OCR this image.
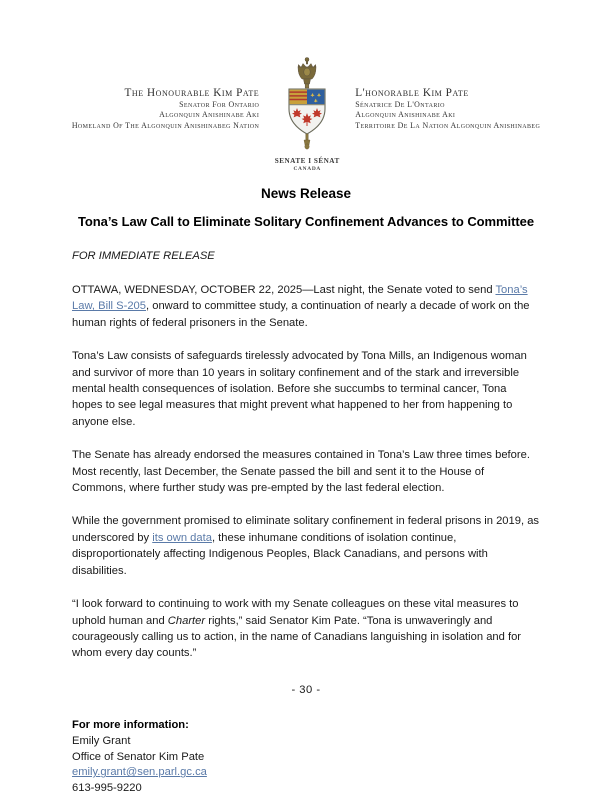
The Honourable Kim Pate
Senator For Ontario
Algonquin Anishinabe Aki
Homeland Of The Algonquin Anishinabeg Nation
SENATE I SÉNAT
CANADA
L'honorable Kim Pate
Sénatrice De L'Ontario
Algonquin Anishinabe Aki
Territoire De La Nation Algonquin Anishinabeg
News Release
Tona’s Law Call to Eliminate Solitary Confinement Advances to Committee
FOR IMMEDIATE RELEASE

OTTAWA, WEDNESDAY, OCTOBER 22, 2025—Last night, the Senate voted to send Tona’s Law, Bill S-205, onward to committee study, a continuation of nearly a decade of work on the human rights of federal prisoners in the Senate.

Tona’s Law consists of safeguards tirelessly advocated by Tona Mills, an Indigenous woman and survivor of more than 10 years in solitary confinement and of the stark and irreversible mental health consequences of isolation. Before she succumbs to terminal cancer, Tona hopes to see legal measures that might prevent what happened to her from happening to anyone else.

The Senate has already endorsed the measures contained in Tona’s Law three times before. Most recently, last December, the Senate passed the bill and sent it to the House of Commons, where further study was pre-empted by the last federal election.

While the government promised to eliminate solitary confinement in federal prisons in 2019, as underscored by its own data, these inhumane conditions of isolation continue, disproportionately affecting Indigenous Peoples, Black Canadians, and persons with disabilities.

“I look forward to continuing to work with my Senate colleagues on these vital measures to uphold human and Charter rights,” said Senator Kim Pate. “Tona is unwaveringly and courageously calling us to action, in the name of Canadians languishing in isolation and for whom every day counts.”

- 30 -
For more information:
Emily Grant
Office of Senator Kim Pate
emily.grant@sen.parl.gc.ca
613-995-9220
